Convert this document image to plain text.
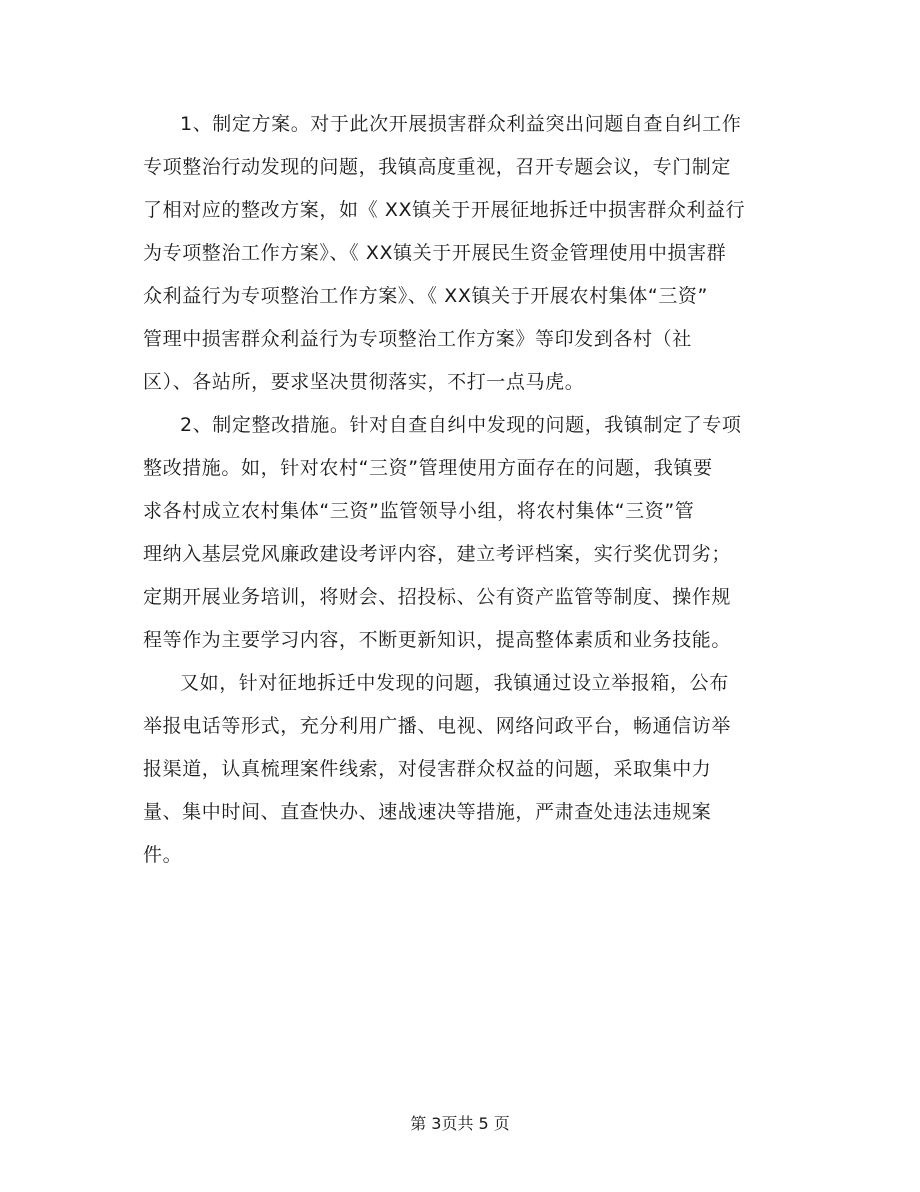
1、制定方案。对于此次开展损害群众利益突出问题自查自纠工作
专项整治行动发现的问题，我镇高度重视，召开专题会议，专门制定
了相对应的整改方案，如《 XX镇关于开展征地拆迁中损害群众利益行
为专项整治工作方案》、《 XX镇关于开展民生资金管理使用中损害群
众利益行为专项整治工作方案》、《 XX镇关于开展农村集体“三资”
管理中损害群众利益行为专项整治工作方案》等印发到各村（社
区）、各站所，要求坚决贯彻落实，不打一点马虎。
2、制定整改措施。针对自查自纠中发现的问题，我镇制定了专项
整改措施。如，针对农村“三资”管理使用方面存在的问题，我镇要
求各村成立农村集体“三资”监管领导小组，将农村集体“三资”管
理纳入基层党风廉政建设考评内容，建立考评档案，实行奖优罚劣；
定期开展业务培训，将财会、招投标、公有资产监管等制度、操作规
程等作为主要学习内容，不断更新知识，提高整体素质和业务技能。
又如，针对征地拆迁中发现的问题，我镇通过设立举报箱，公布
举报电话等形式，充分利用广播、电视、网络问政平台，畅通信访举
报渠道，认真梳理案件线索，对侵害群众权益的问题，采取集中力
量、集中时间、直查快办、速战速决等措施，严肃查处违法违规案
件。
第 3页共 5 页
